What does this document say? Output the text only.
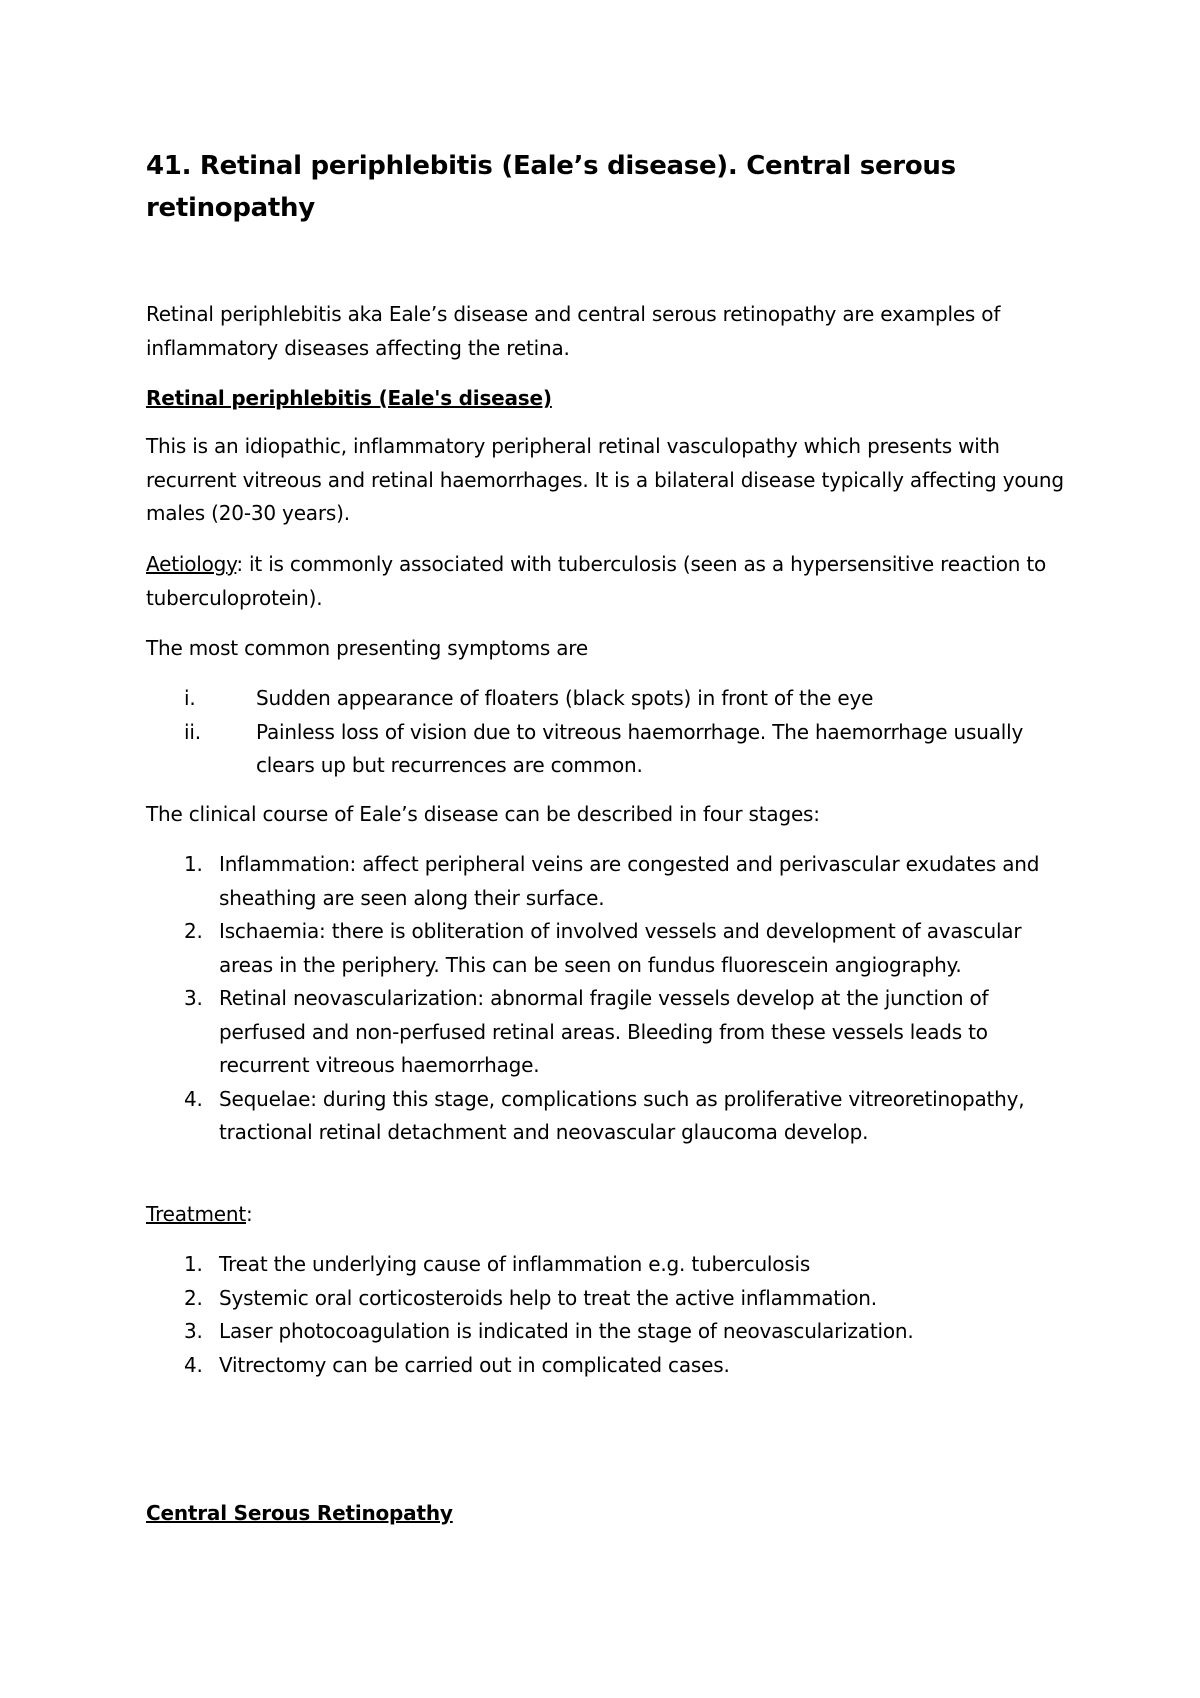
41. Retinal periphlebitis (Eale’s disease). Central serous retinopathy

Retinal periphlebitis aka Eale’s disease and central serous retinopathy are examples of inflammatory diseases affecting the retina.

Retinal periphlebitis (Eale's disease)

This is an idiopathic, inflammatory peripheral retinal vasculopathy which presents with recurrent vitreous and retinal haemorrhages. It is a bilateral disease typically affecting young males (20-30 years).

Aetiology: it is commonly associated with tuberculosis (seen as a hypersensitive reaction to tuberculoprotein).

The most common presenting symptoms are

i.	Sudden appearance of floaters (black spots) in front of the eye
ii.	Painless loss of vision due to vitreous haemorrhage. The haemorrhage usually clears up but recurrences are common.

The clinical course of Eale’s disease can be described in four stages:

1. Inflammation: affect peripheral veins are congested and perivascular exudates and sheathing are seen along their surface.
2. Ischaemia: there is obliteration of involved vessels and development of avascular areas in the periphery. This can be seen on fundus fluorescein angiography.
3. Retinal neovascularization: abnormal fragile vessels develop at the junction of perfused and non-perfused retinal areas. Bleeding from these vessels leads to recurrent vitreous haemorrhage.
4. Sequelae: during this stage, complications such as proliferative vitreoretinopathy, tractional retinal detachment and neovascular glaucoma develop.

Treatment:

1. Treat the underlying cause of inflammation e.g. tuberculosis
2. Systemic oral corticosteroids help to treat the active inflammation.
3. Laser photocoagulation is indicated in the stage of neovascularization.
4. Vitrectomy can be carried out in complicated cases.

Central Serous Retinopathy
